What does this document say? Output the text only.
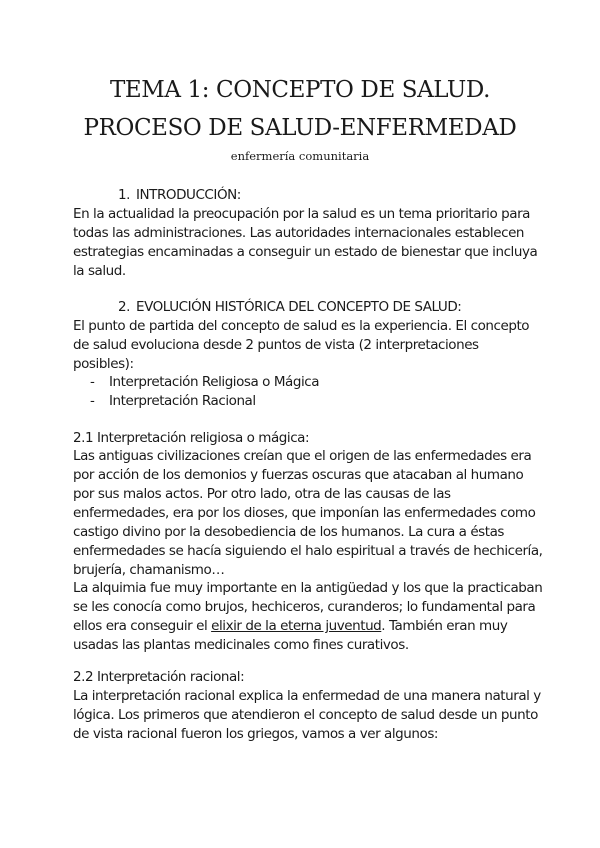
TEMA 1: CONCEPTO DE SALUD.
PROCESO DE SALUD-ENFERMEDAD
enfermería comunitaria
1. INTRODUCCIÓN:

En la actualidad la preocupación por la salud es un tema prioritario para todas las administraciones. Las autoridades internacionales establecen estrategias encaminadas a conseguir un estado de bienestar que incluya la salud.

2. EVOLUCIÓN HISTÓRICA DEL CONCEPTO DE SALUD:

El punto de partida del concepto de salud es la experiencia. El concepto de salud evoluciona desde 2 puntos de vista (2 interpretaciones posibles):

- Interpretación Religiosa o Mágica
- Interpretación Racional
2.1 Interpretación religiosa o mágica:

Las antiguas civilizaciones creían que el origen de las enfermedades era por acción de los demonios y fuerzas oscuras que atacaban al humano por sus malos actos. Por otro lado, otra de las causas de las enfermedades, era por los dioses, que imponían las enfermedades como castigo divino por la desobediencia de los humanos. La cura a éstas enfermedades se hacía siguiendo el halo espiritual a través de hechicería, brujería, chamanismo…

La alquimia fue muy importante en la antigüedad y los que la practicaban se les conocía como brujos, hechiceros, curanderos; lo fundamental para ellos era conseguir el elixir de la eterna juventud. También eran muy usadas las plantas medicinales como fines curativos.

2.2 Interpretación racional:

La interpretación racional explica la enfermedad de una manera natural y lógica. Los primeros que atendieron el concepto de salud desde un punto de vista racional fueron los griegos, vamos a ver algunos:
